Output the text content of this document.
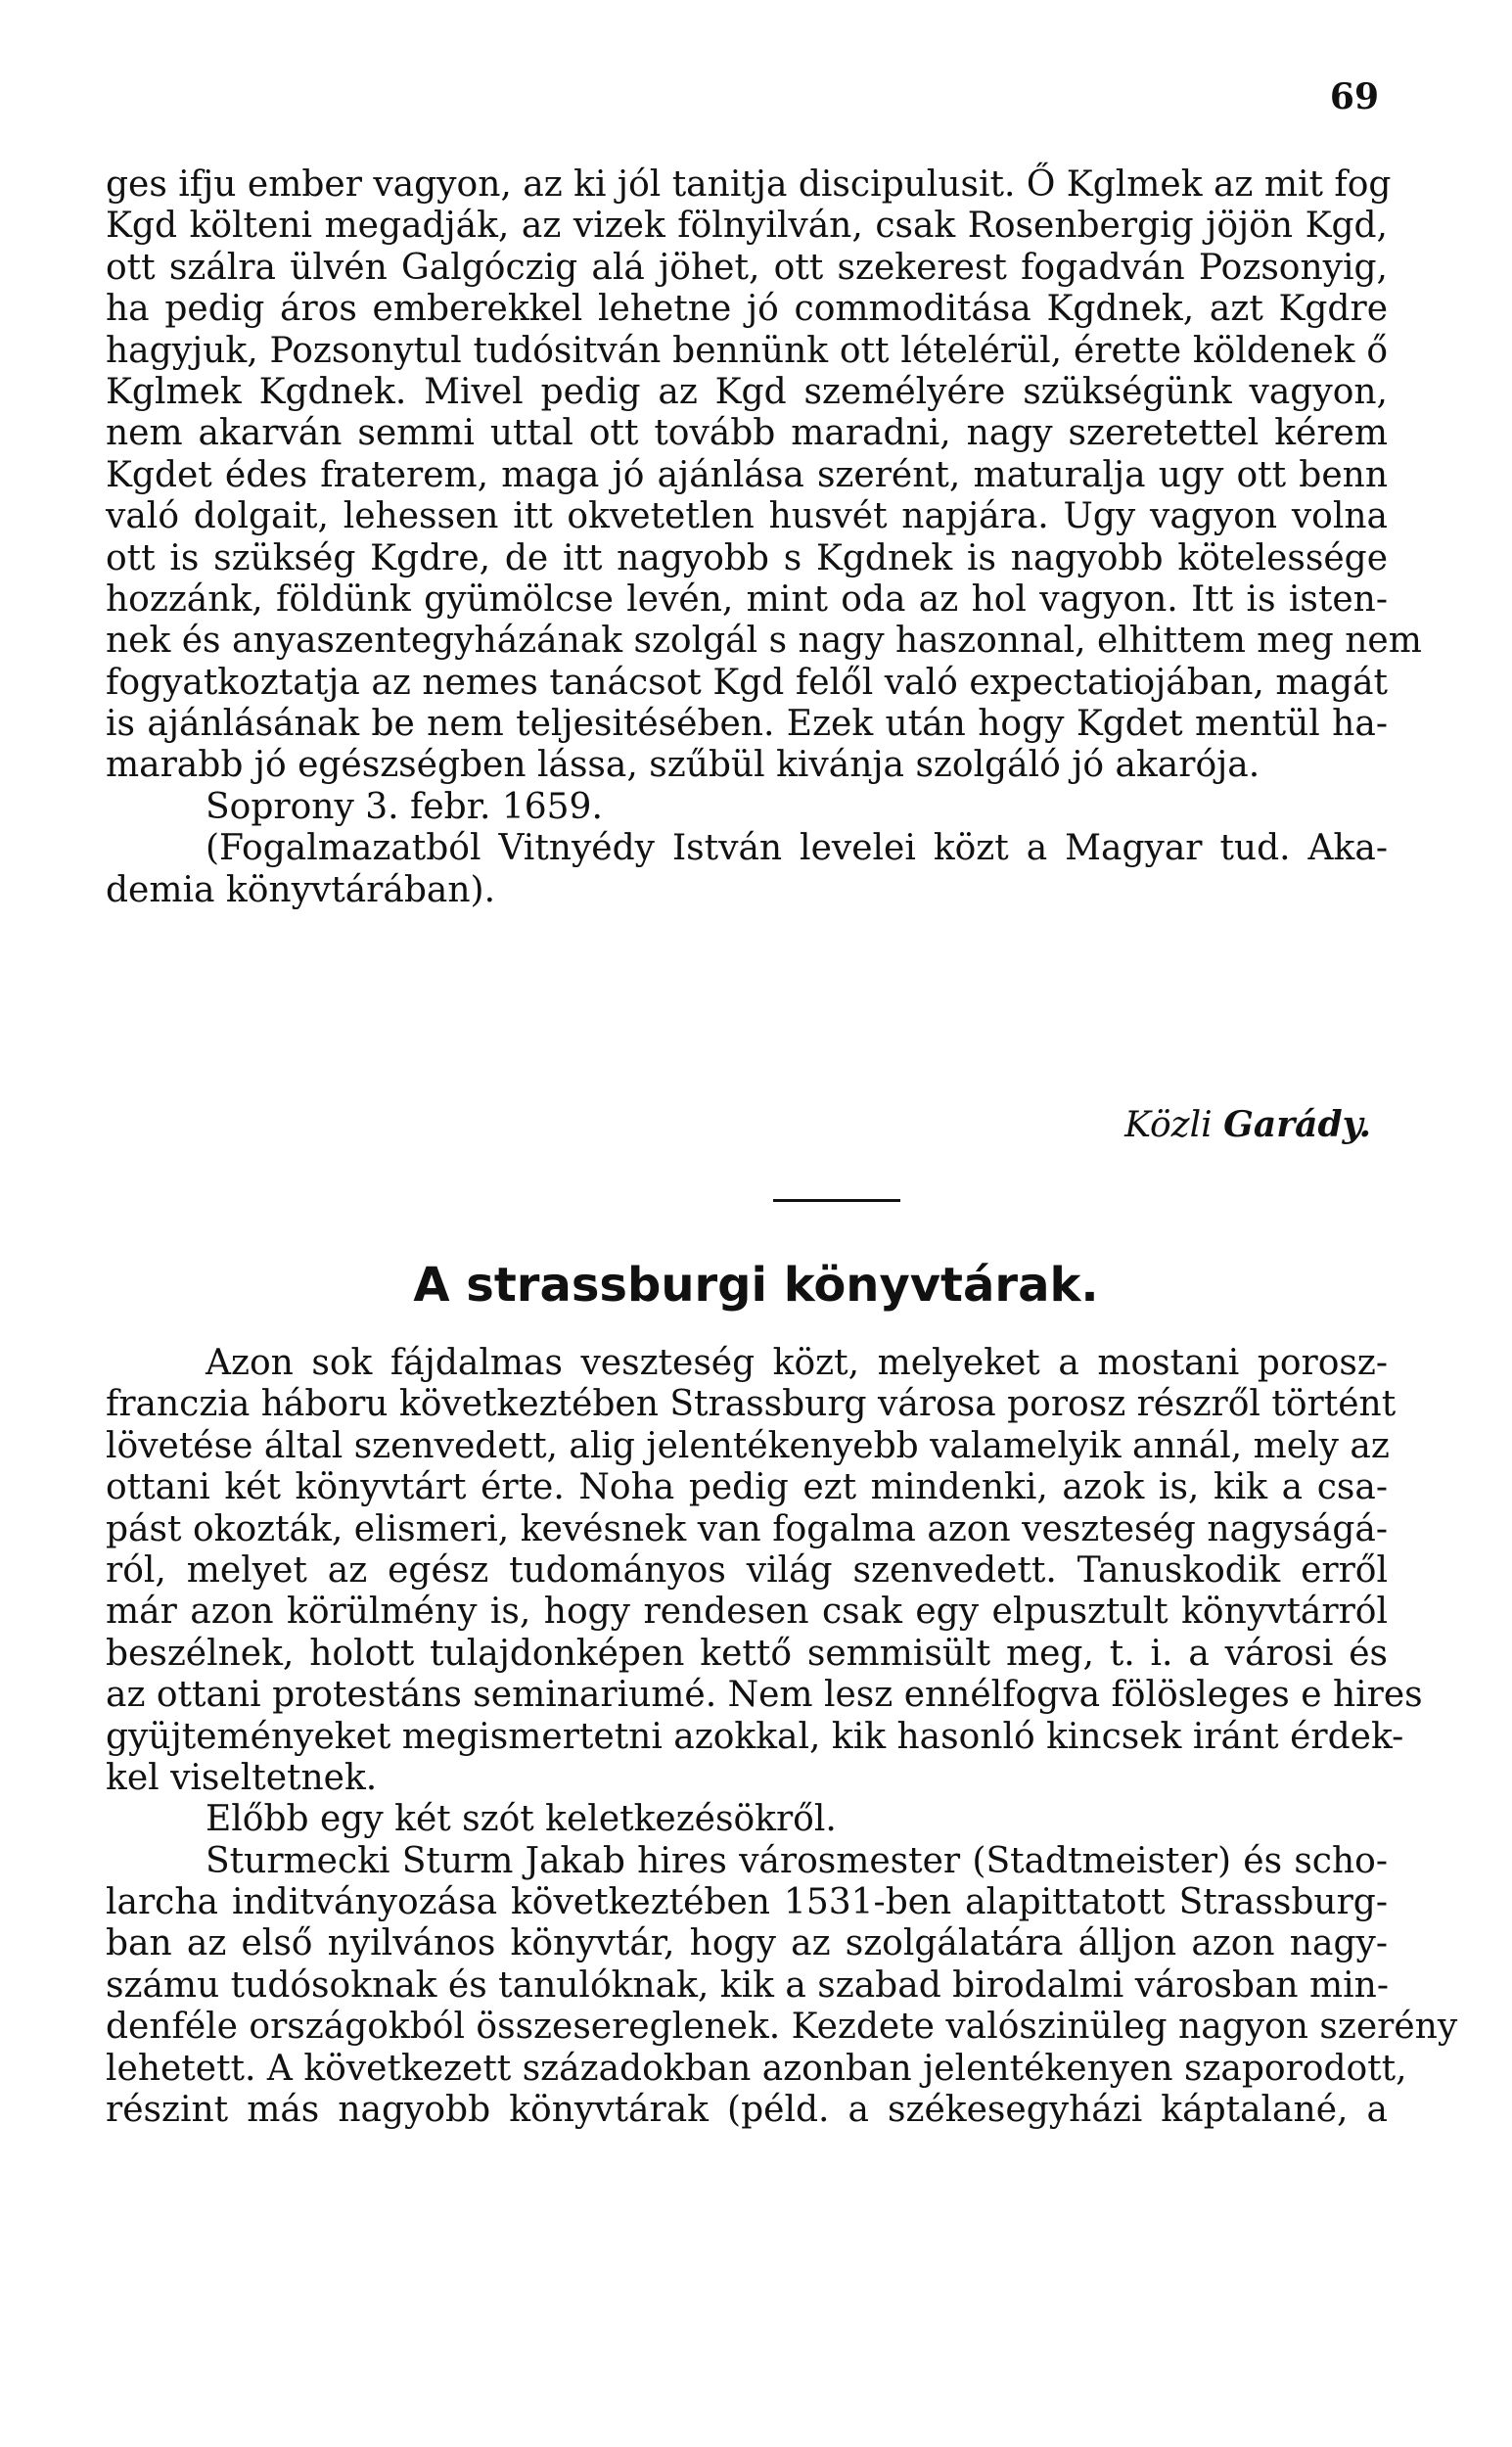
69
ges ifju ember vagyon, az ki jól tanitja discipulusit. Ő Kglmek az mit fog
Kgd költeni megadják, az vizek fölnyilván, csak Rosenbergig jöjön Kgd,
ott szálra ülvén Galgóczig alá jöhet, ott szekerest fogadván Pozsonyig,
ha pedig áros emberekkel lehetne jó commoditása Kgdnek, azt Kgdre
hagyjuk, Pozsonytul tudósitván bennünk ott lételérül, érette köldenek ő
Kglmek Kgdnek. Mivel pedig az Kgd személyére szükségünk vagyon,
nem akarván semmi uttal ott tovább maradni, nagy szeretettel kérem
Kgdet édes fraterem, maga jó ajánlása szerént, maturalja ugy ott benn
való dolgait, lehessen itt okvetetlen husvét napjára. Ugy vagyon volna
ott is szükség Kgdre, de itt nagyobb s Kgdnek is nagyobb kötelessége
hozzánk, földünk gyümölcse levén, mint oda az hol vagyon. Itt is isten-
nek és anyaszentegyházának szolgál s nagy haszonnal, elhittem meg nem
fogyatkoztatja az nemes tanácsot Kgd felől való expectatiojában, magát
is ajánlásának be nem teljesitésében. Ezek után hogy Kgdet mentül ha-
marabb jó egészségben lássa, szűbül kivánja szolgáló jó akarója.
Soprony 3. febr. 1659.
(Fogalmazatból Vitnyédy István levelei közt a Magyar tud. Aka-
demia könyvtárában).
Közli Garády.
A strassburgi könyvtárak.
Azon sok fájdalmas veszteség közt, melyeket a mostani porosz-
franczia háboru következtében Strassburg városa porosz részről történt
lövetése által szenvedett, alig jelentékenyebb valamelyik annál, mely az
ottani két könyvtárt érte. Noha pedig ezt mindenki, azok is, kik a csa-
pást okozták, elismeri, kevésnek van fogalma azon veszteség nagyságá-
ról, melyet az egész tudományos világ szenvedett. Tanuskodik erről
már azon körülmény is, hogy rendesen csak egy elpusztult könyvtárról
beszélnek, holott tulajdonképen kettő semmisült meg, t. i. a városi és
az ottani protestáns seminariumé. Nem lesz ennélfogva fölösleges e hires
gyüjteményeket megismertetni azokkal, kik hasonló kincsek iránt érdek-
kel viseltetnek.
Előbb egy két szót keletkezésökről.
Sturmecki Sturm Jakab hires városmester (Stadtmeister) és scho-
larcha inditványozása következtében 1531-ben alapittatott Strassburg-
ban az első nyilvános könyvtár, hogy az szolgálatára álljon azon nagy-
számu tudósoknak és tanulóknak, kik a szabad birodalmi városban min-
denféle országokból összesereglenek. Kezdete valószinüleg nagyon szerény
lehetett. A következett századokban azonban jelentékenyen szaporodott,
részint más nagyobb könyvtárak (péld. a székesegyházi káptalané, a
